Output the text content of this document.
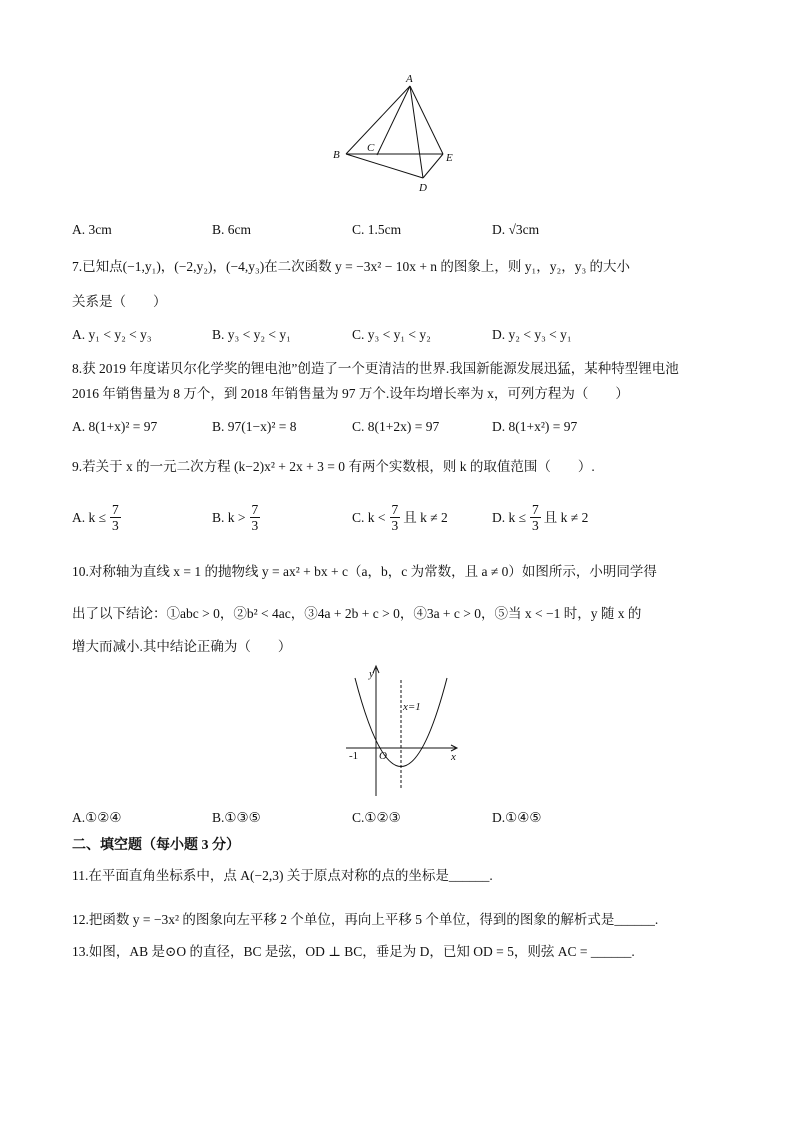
A
B
C
D
E
A. 3cm	B. 6cm	C. 1.5cm	D. √3cm
7.已知点(−1,y₁)，(−2,y₂)，(−4,y₃)在二次函数 y = −3x² − 10x + n 的图象上，则 y₁，y₂，y₃ 的大小
关系是（　　）
A. y₁ < y₂ < y₃	B. y₃ < y₂ < y₁	C. y₃ < y₁ < y₂	D. y₂ < y₃ < y₁
8.获 2019 年度诺贝尔化学奖的锂电池”创造了一个更清洁的世界.我国新能源发展迅猛，某种特型锂电池
2016 年销售量为 8 万个，到 2018 年销售量为 97 万个.设年均增长率为 x，可列方程为（　　）
A. 8(1+x)² = 97	B. 97(1−x)² = 8	C. 8(1+2x) = 97	D. 8(1+x²) = 97
9.若关于 x 的一元二次方程 (k−2)x² + 2x + 3 = 0 有两个实数根，则 k 的取值范围（　　）.
A. $k \le \frac{7}{3}$	B. $k > \frac{7}{3}$	C. $k < \frac{7}{3}$ 且 k ≠ 2	D. $k \le \frac{7}{3}$ 且 k ≠ 2
10.对称轴为直线 x = 1 的抛物线 y = ax² + bx + c（a，b，c 为常数，且 a ≠ 0）如图所示，小明同学得
出了以下结论：①abc > 0，②b² < 4ac，③4a + 2b + c > 0，④3a + c > 0，⑤当 x < −1 时，y 随 x 的
增大而减小.其中结论正确为（　　）
y
x
x=1
-1 O
A.①②④	B.①③⑤	C.①②③	D.①④⑤
二、填空题（每小题 3 分）
11.在平面直角坐标系中，点 A(−2,3) 关于原点对称的点的坐标是______.
12.把函数 y = −3x² 的图象向左平移 2 个单位，再向上平移 5 个单位，得到的图象的解析式是______.
13.如图，AB 是⊙O 的直径，BC 是弦，OD ⊥ BC，垂足为 D，已知 OD = 5，则弦 AC = ______.
